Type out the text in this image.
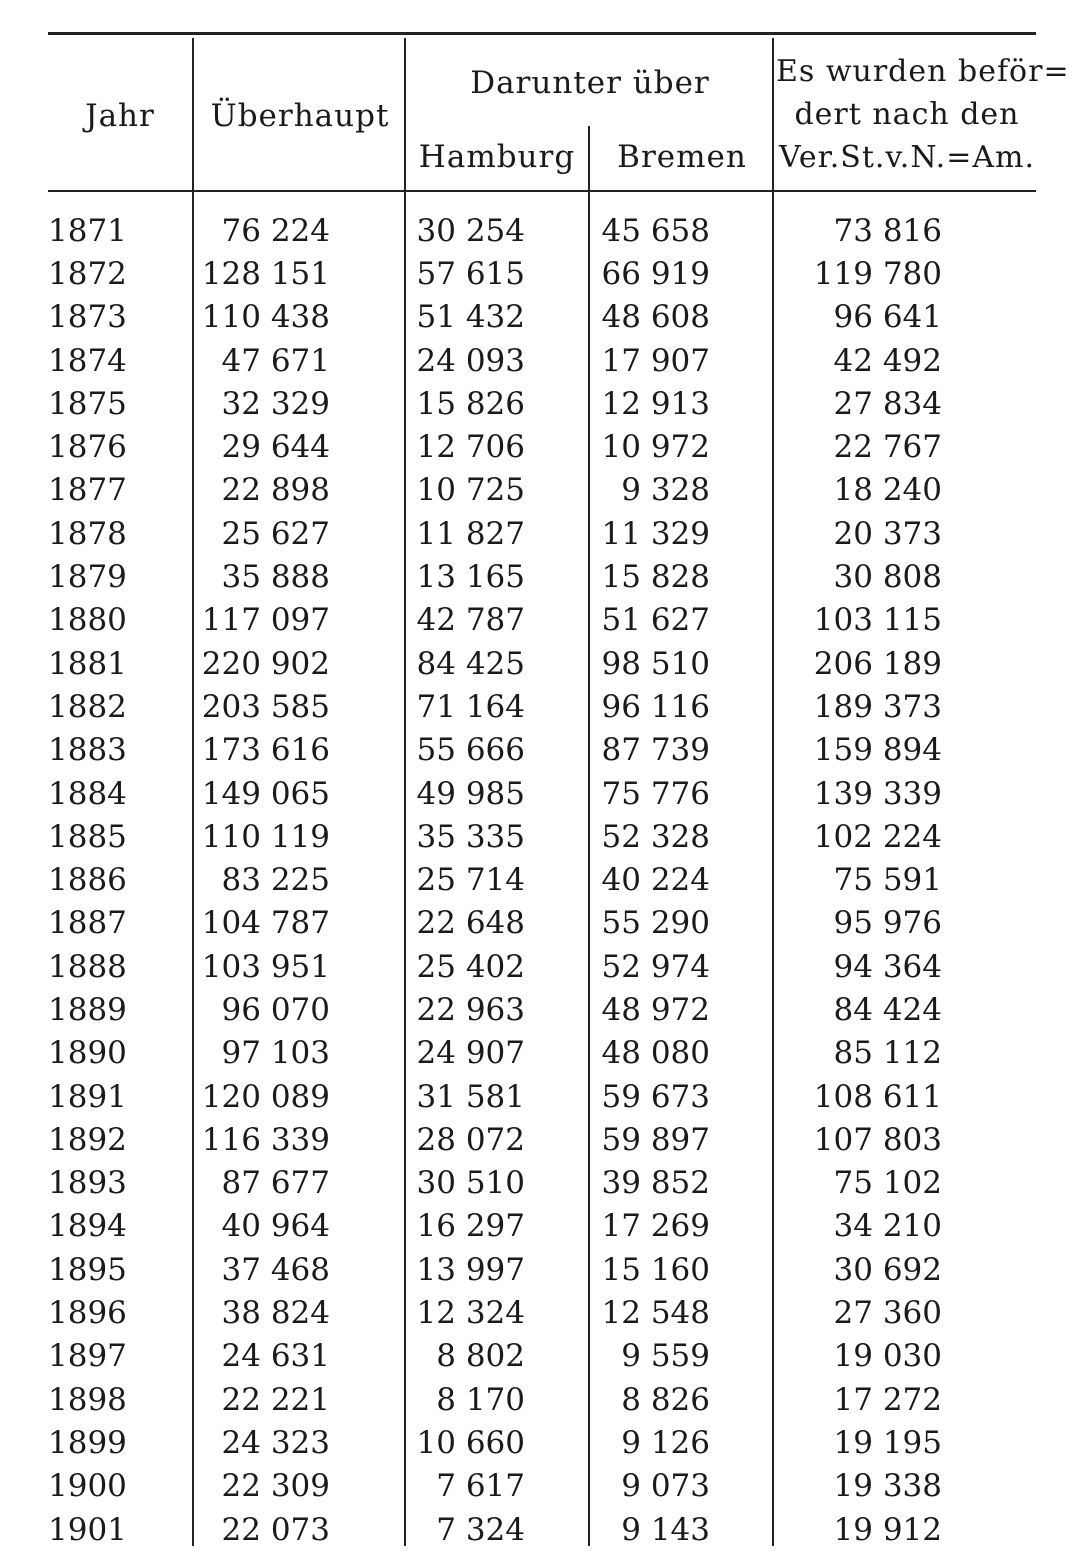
Jahr	Überhaupt
Darunter über
Hamburg	Bremen
Es wurden beför=
dert nach den
Ver.St.v.N.=Am.
1871	76 224	30 254	45 658	73 816
1872	128 151	57 615	66 919	119 780
1873	110 438	51 432	48 608	96 641
1874	47 671	24 093	17 907	42 492
1875	32 329	15 826	12 913	27 834
1876	29 644	12 706	10 972	22 767
1877	22 898	10 725	9 328	18 240
1878	25 627	11 827	11 329	20 373
1879	35 888	13 165	15 828	30 808
1880	117 097	42 787	51 627	103 115
1881	220 902	84 425	98 510	206 189
1882	203 585	71 164	96 116	189 373
1883	173 616	55 666	87 739	159 894
1884	149 065	49 985	75 776	139 339
1885	110 119	35 335	52 328	102 224
1886	83 225	25 714	40 224	75 591
1887	104 787	22 648	55 290	95 976
1888	103 951	25 402	52 974	94 364
1889	96 070	22 963	48 972	84 424
1890	97 103	24 907	48 080	85 112
1891	120 089	31 581	59 673	108 611
1892	116 339	28 072	59 897	107 803
1893	87 677	30 510	39 852	75 102
1894	40 964	16 297	17 269	34 210
1895	37 468	13 997	15 160	30 692
1896	38 824	12 324	12 548	27 360
1897	24 631	8 802	9 559	19 030
1898	22 221	8 170	8 826	17 272
1899	24 323	10 660	9 126	19 195
1900	22 309	7 617	9 073	19 338
1901	22 073	7 324	9 143	19 912
